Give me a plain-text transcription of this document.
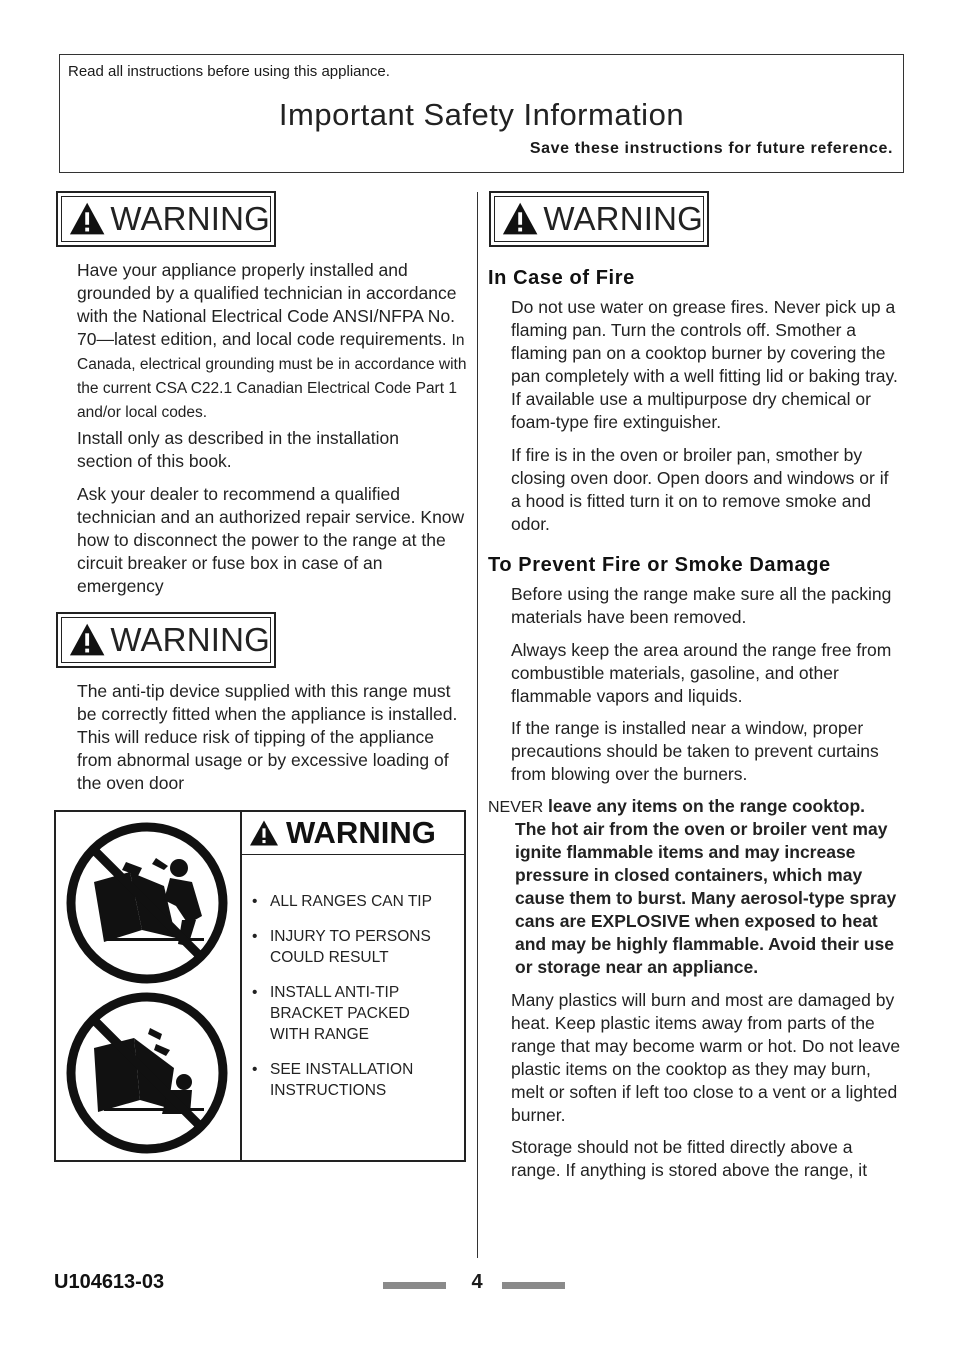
Read all instructions before using this appliance.
Important Safety Information
Save these instructions for future reference.
WARNING
Have your appliance properly installed and grounded by a qualified technician in accordance with the National Electrical Code ANSI/NFPA No. 70—latest edition, and local code requirements. In Canada, electrical grounding must be in accordance with the current CSA C22.1 Canadian Electrical Code Part 1 and/or local codes.
Install only as described in the installation section of this book.
Ask your dealer to recommend a qualified technician and an authorized repair service. Know how to disconnect the power to the range at the circuit breaker or fuse box in case of an emergency
WARNING
The anti-tip device supplied with this range must be correctly fitted when the appliance is installed. This will reduce risk of tipping of the appliance from abnormal usage or by excessive loading of the oven door
WARNING
• ALL RANGES CAN TIP
• INJURY TO PERSONS COULD RESULT
• INSTALL ANTI-TIP BRACKET PACKED WITH RANGE
• SEE INSTALLATION INSTRUCTIONS
WARNING
In Case of Fire
Do not use water on grease fires. Never pick up a flaming pan. Turn the controls off. Smother a flaming pan on a cooktop burner by covering the pan completely with a well fitting lid or baking tray. If available use a multipurpose dry chemical or foam-type fire extinguisher.
If fire is in the oven or broiler pan, smother by closing oven door. Open doors and windows or if a hood is fitted turn it on to remove smoke and odor.
To Prevent Fire or Smoke Damage
Before using the range make sure all the packing materials have been removed.
Always keep the area around the range free from combustible materials, gasoline, and other flammable vapors and liquids.
If the range is installed near a window, proper precautions should be taken to prevent curtains from blowing over the burners.
NEVER leave any items on the range cooktop.
The hot air from the oven or broiler vent may ignite flammable items and may increase pressure in closed containers, which may cause them to burst. Many aerosol-type spray cans are EXPLOSIVE when exposed to heat and may be highly flammable. Avoid their use or storage near an appliance.
Many plastics will burn and most are damaged by heat. Keep plastic items away from parts of the range that may become warm or hot. Do not leave plastic items on the cooktop as they may burn, melt or soften if left too close to a vent or a lighted burner.
Storage should not be fitted directly above a range. If anything is stored above the range, it
U104613-03	4
